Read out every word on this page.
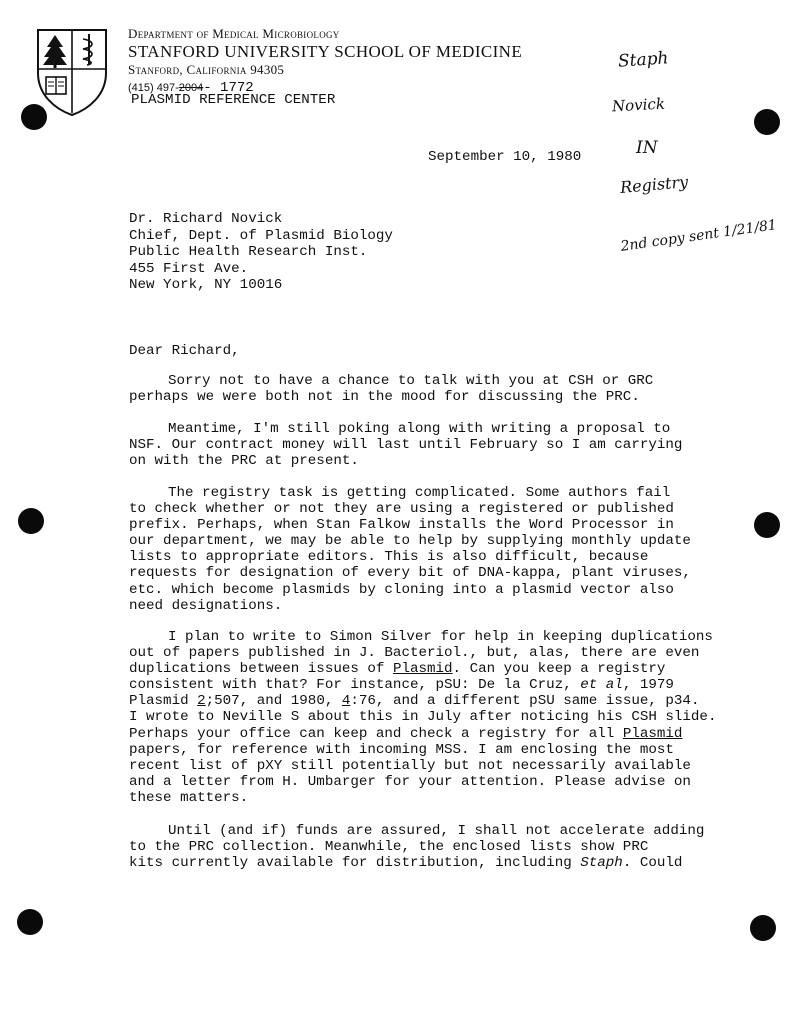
Department of Medical Microbiology
STANFORD UNIVERSITY SCHOOL OF MEDICINE
Stanford, California 94305
(415) 497-2004- 1772
PLASMID REFERENCE CENTER
Staph
Novick
IN
Registry
2nd copy sent 1/21/81
September 10, 1980
Dr. Richard Novick
Chief, Dept. of Plasmid Biology
Public Health Research Inst.
455 First Ave.
New York, NY 10016
Dear Richard,
Sorry not to have a chance to talk with you at CSH or GRC
perhaps we were both not in the mood for discussing the PRC.
Meantime, I'm still poking along with writing a proposal to
NSF. Our contract money will last until February so I am carrying
on with the PRC at present.
The registry task is getting complicated. Some authors fail
to check whether or not they are using a registered or published
prefix. Perhaps, when Stan Falkow installs the Word Processor in
our department, we may be able to help by supplying monthly update
lists to appropriate editors. This is also difficult, because
requests for designation of every bit of DNA-kappa, plant viruses,
etc. which become plasmids by cloning into a plasmid vector also
need designations.
I plan to write to Simon Silver for help in keeping duplications
out of papers published in J. Bacteriol., but, alas, there are even
duplications between issues of Plasmid. Can you keep a registry
consistent with that? For instance, pSU: De la Cruz, et al, 1979
Plasmid 2;507, and 1980, 4:76, and a different pSU same issue, p34.
I wrote to Neville S about this in July after noticing his CSH slide.
Perhaps your office can keep and check a registry for all Plasmid
papers, for reference with incoming MSS. I am enclosing the most
recent list of pXY still potentially but not necessarily available
and a letter from H. Umbarger for your attention. Please advise on
these matters.
Until (and if) funds are assured, I shall not accelerate adding
to the PRC collection. Meanwhile, the enclosed lists show PRC
kits currently available for distribution, including Staph. Could
